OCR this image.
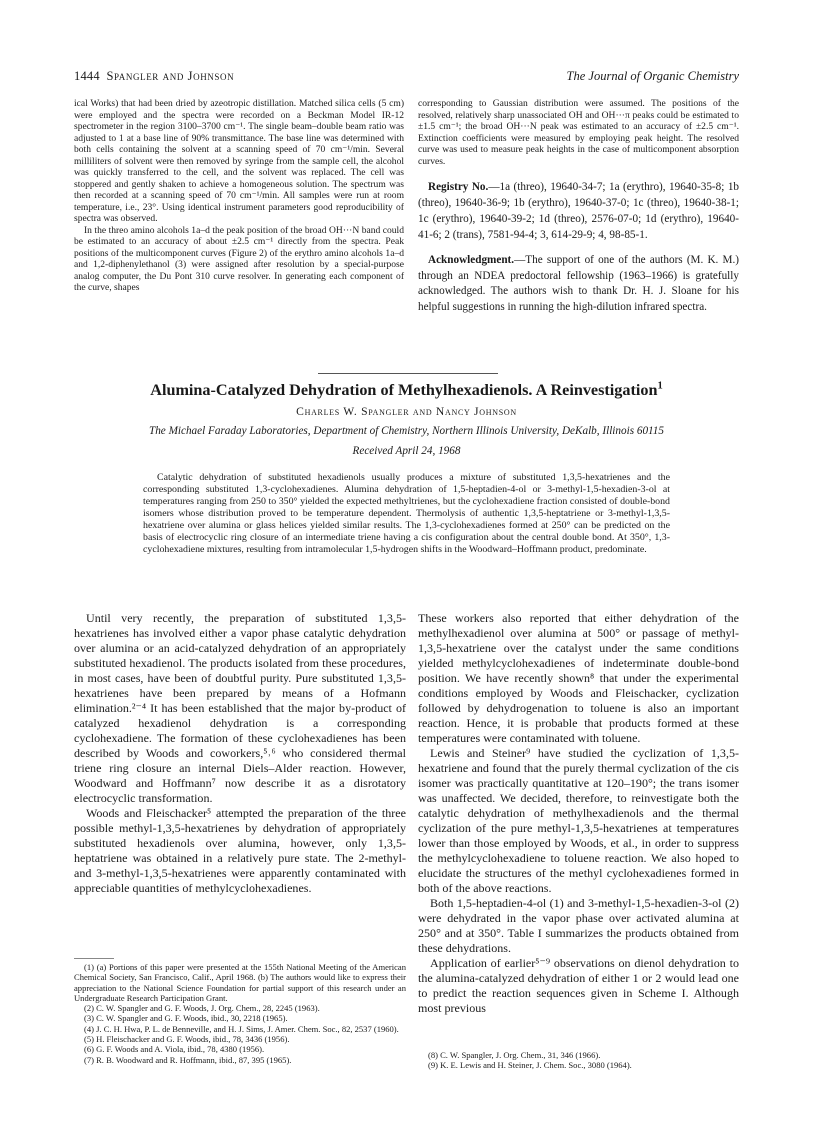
1444 Spangler and Johnson	The Journal of Organic Chemistry

ical Works) that had been dried by azeotropic distillation. Matched silica cells (5 cm) were employed and the spectra were recorded on a Beckman Model IR-12 spectrometer in the region 3100–3700 cm⁻¹. The single beam–double beam ratio was adjusted to 1 at a base line of 90% transmittance. The base line was determined with both cells containing the solvent at a scanning speed of 70 cm⁻¹/min. Several milliliters of solvent were then removed by syringe from the sample cell, the alcohol was quickly transferred to the cell, and the solvent was replaced. The cell was stoppered and gently shaken to achieve a homogeneous solution. The spectrum was then recorded at a scanning speed of 70 cm⁻¹/min. All samples were run at room temperature, i.e., 23°. Using identical instrument parameters good reproducibility of spectra was observed.

In the threo amino alcohols 1a–d the peak position of the broad OH···N band could be estimated to an accuracy of about ±2.5 cm⁻¹ directly from the spectra. Peak positions of the multicomponent curves (Figure 2) of the erythro amino alcohols 1a–d and 1,2-diphenylethanol (3) were assigned after resolution by a special-purpose analog computer, the Du Pont 310 curve resolver. In generating each component of the curve, shapes

corresponding to Gaussian distribution were assumed. The positions of the resolved, relatively sharp unassociated OH and OH···π peaks could be estimated to ±1.5 cm⁻¹; the broad OH···N peak was estimated to an accuracy of ±2.5 cm⁻¹. Extinction coefficients were measured by employing peak height. The resolved curve was used to measure peak heights in the case of multicomponent absorption curves.

Registry No.—1a (threo), 19640-34-7; 1a (erythro), 19640-35-8; 1b (threo), 19640-36-9; 1b (erythro), 19640-37-0; 1c (threo), 19640-38-1; 1c (erythro), 19640-39-2; 1d (threo), 2576-07-0; 1d (erythro), 19640-41-6; 2 (trans), 7581-94-4; 3, 614-29-9; 4, 98-85-1.

Acknowledgment.—The support of one of the authors (M. K. M.) through an NDEA predoctoral fellowship (1963–1966) is gratefully acknowledged. The authors wish to thank Dr. H. J. Sloane for his helpful suggestions in running the high-dilution infrared spectra.

Alumina-Catalyzed Dehydration of Methylhexadienols. A Reinvestigation$^1$
Charles W. Spangler and Nancy Johnson
The Michael Faraday Laboratories, Department of Chemistry, Northern Illinois University, DeKalb, Illinois 60115
Received April 24, 1968

Catalytic dehydration of substituted hexadienols usually produces a mixture of substituted 1,3,5-hexatrienes and the corresponding substituted 1,3-cyclohexadienes. Alumina dehydration of 1,5-heptadien-4-ol or 3-methyl-1,5-hexadien-3-ol at temperatures ranging from 250 to 350° yielded the expected methyltrienes, but the cyclohexadiene fraction consisted of double-bond isomers whose distribution proved to be temperature dependent. Thermolysis of authentic 1,3,5-heptatriene or 3-methyl-1,3,5-hexatriene over alumina or glass helices yielded similar results. The 1,3-cyclohexadienes formed at 250° can be predicted on the basis of electrocyclic ring closure of an intermediate triene having a cis configuration about the central double bond. At 350°, 1,3-cyclohexadiene mixtures, resulting from intramolecular 1,5-hydrogen shifts in the Woodward–Hoffmann product, predominate.

Until very recently, the preparation of substituted 1,3,5-hexatrienes has involved either a vapor phase catalytic dehydration over alumina or an acid-catalyzed dehydration of an appropriately substituted hexadienol. The products isolated from these procedures, in most cases, have been of doubtful purity. Pure substituted 1,3,5-hexatrienes have been prepared by means of a Hofmann elimination.²⁻⁴ It has been established that the major by-product of catalyzed hexadienol dehydration is a corresponding cyclohexadiene. The formation of these cyclohexadienes has been described by Woods and coworkers,⁵˒⁶ who considered thermal triene ring closure an internal Diels–Alder reaction. However, Woodward and Hoffmann⁷ now describe it as a disrotatory electrocyclic transformation.

Woods and Fleischacker⁵ attempted the preparation of the three possible methyl-1,3,5-hexatrienes by dehydration of appropriately substituted hexadienols over alumina, however, only 1,3,5-heptatriene was obtained in a relatively pure state. The 2-methyl- and 3-methyl-1,3,5-hexatrienes were apparently contaminated with appreciable quantities of methylcyclohexadienes.

These workers also reported that either dehydration of the methylhexadienol over alumina at 500° or passage of methyl-1,3,5-hexatriene over the catalyst under the same conditions yielded methylcyclohexadienes of indeterminate double-bond position. We have recently shown⁸ that under the experimental conditions employed by Woods and Fleischacker, cyclization followed by dehydrogenation to toluene is also an important reaction. Hence, it is probable that products formed at these temperatures were contaminated with toluene.

Lewis and Steiner⁹ have studied the cyclization of 1,3,5-hexatriene and found that the purely thermal cyclization of the cis isomer was practically quantitative at 120–190°; the trans isomer was unaffected. We decided, therefore, to reinvestigate both the catalytic dehydration of methylhexadienols and the thermal cyclization of the pure methyl-1,3,5-hexatrienes at temperatures lower than those employed by Woods, et al., in order to suppress the methylcyclohexadiene to toluene reaction. We also hoped to elucidate the structures of the methyl cyclohexadienes formed in both of the above reactions.

Both 1,5-heptadien-4-ol (1) and 3-methyl-1,5-hexadien-3-ol (2) were dehydrated in the vapor phase over activated alumina at 250° and at 350°. Table I summarizes the products obtained from these dehydrations.

Application of earlier⁵⁻⁹ observations on dienol dehydration to the alumina-catalyzed dehydration of either 1 or 2 would lead one to predict the reaction sequences given in Scheme I. Although most previous

(1) (a) Portions of this paper were presented at the 155th National Meeting of the American Chemical Society, San Francisco, Calif., April 1968. (b) The authors would like to express their appreciation to the National Science Foundation for partial support of this research under an Undergraduate Research Participation Grant.

(2) C. W. Spangler and G. F. Woods, J. Org. Chem., 28, 2245 (1963).

(3) C. W. Spangler and G. F. Woods, ibid., 30, 2218 (1965).

(4) J. C. H. Hwa, P. L. de Benneville, and H. J. Sims, J. Amer. Chem. Soc., 82, 2537 (1960).

(5) H. Fleischacker and G. F. Woods, ibid., 78, 3436 (1956).

(6) G. F. Woods and A. Viola, ibid., 78, 4380 (1956).

(7) R. B. Woodward and R. Hoffmann, ibid., 87, 395 (1965).	(8) C. W. Spangler, J. Org. Chem., 31, 346 (1966).

(9) K. E. Lewis and H. Steiner, J. Chem. Soc., 3080 (1964).
